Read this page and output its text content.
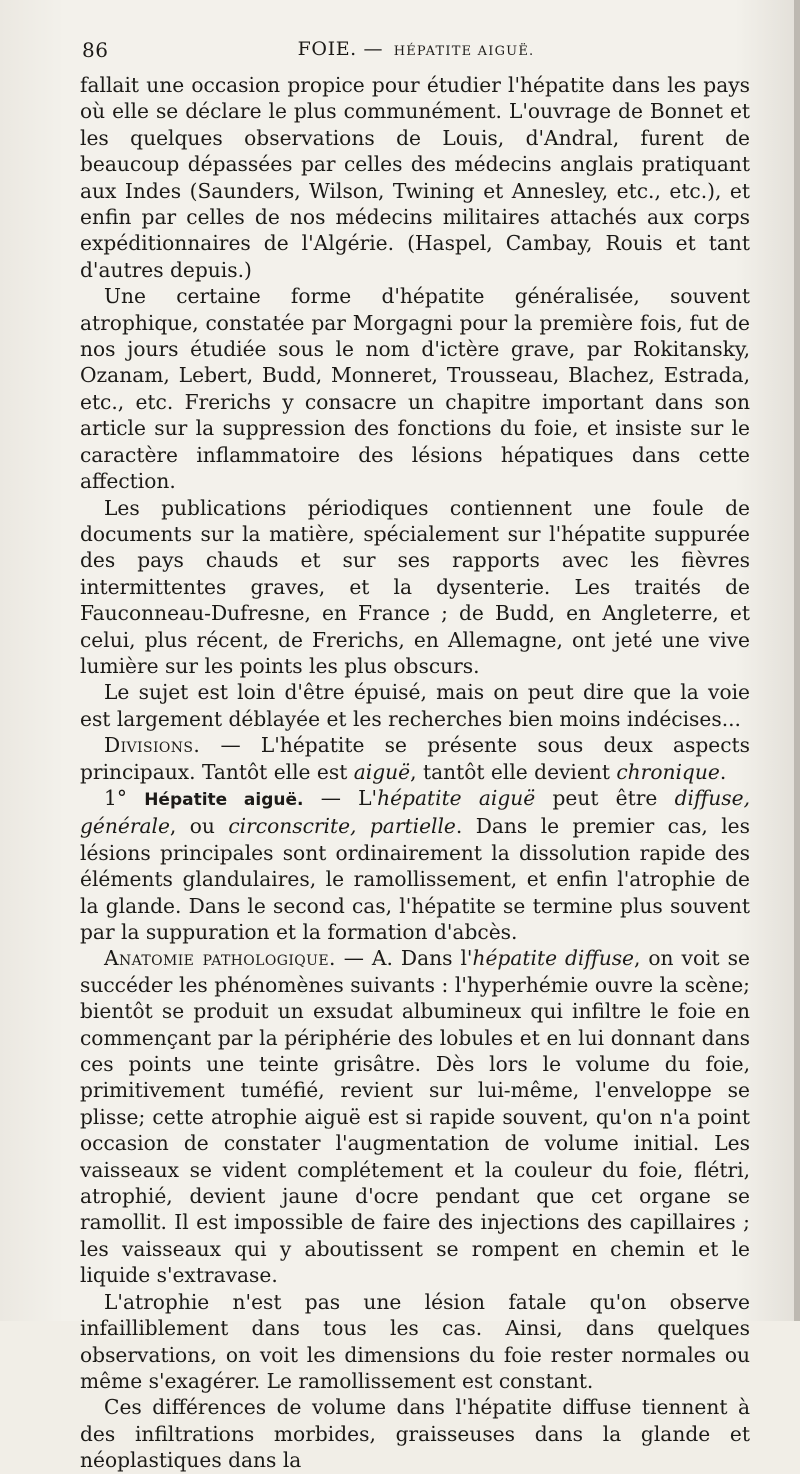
86	FOIE. — HÉPATITE AIGUË.

fallait une occasion propice pour étudier l'hépatite dans les pays où elle se déclare le plus communément. L'ouvrage de Bonnet et les quelques observations de Louis, d'Andral, furent de beaucoup dépassées par celles des médecins anglais pratiquant aux Indes (Saunders, Wilson, Twining et Annesley, etc., etc.), et enfin par celles de nos médecins militaires attachés aux corps expéditionnaires de l'Algérie. (Haspel, Cambay, Rouis et tant d'autres depuis.)

Une certaine forme d'hépatite généralisée, souvent atrophique, constatée par Morgagni pour la première fois, fut de nos jours étudiée sous le nom d'ictère grave, par Rokitansky, Ozanam, Lebert, Budd, Monneret, Trousseau, Blachez, Estrada, etc., etc. Frerichs y consacre un chapitre important dans son article sur la suppression des fonctions du foie, et insiste sur le caractère inflammatoire des lésions hépatiques dans cette affection.

Les publications périodiques contiennent une foule de documents sur la matière, spécialement sur l'hépatite suppurée des pays chauds et sur ses rapports avec les fièvres intermittentes graves, et la dysenterie. Les traités de Fauconneau-Dufresne, en France ; de Budd, en Angleterre, et celui, plus récent, de Frerichs, en Allemagne, ont jeté une vive lumière sur les points les plus obscurs.

Le sujet est loin d'être épuisé, mais on peut dire que la voie est largement déblayée et les recherches bien moins indécises...

Divisions. — L'hépatite se présente sous deux aspects principaux. Tantôt elle est aiguë, tantôt elle devient chronique.

1° Hépatite aiguë. — L'hépatite aiguë peut être diffuse, générale, ou circonscrite, partielle. Dans le premier cas, les lésions principales sont ordinairement la dissolution rapide des éléments glandulaires, le ramollissement, et enfin l'atrophie de la glande. Dans le second cas, l'hépatite se termine plus souvent par la suppuration et la formation d'abcès.

Anatomie pathologique. — A. Dans l'hépatite diffuse, on voit se succéder les phénomènes suivants : l'hyperhémie ouvre la scène; bientôt se produit un exsudat albumineux qui infiltre le foie en commençant par la périphérie des lobules et en lui donnant dans ces points une teinte grisâtre. Dès lors le volume du foie, primitivement tuméfié, revient sur lui-même, l'enveloppe se plisse; cette atrophie aiguë est si rapide souvent, qu'on n'a point occasion de constater l'augmentation de volume initial. Les vaisseaux se vident complétement et la couleur du foie, flétri, atrophié, devient jaune d'ocre pendant que cet organe se ramollit. Il est impossible de faire des injections des capillaires ; les vaisseaux qui y aboutissent se rompent en chemin et le liquide s'extravase.

L'atrophie n'est pas une lésion fatale qu'on observe infailliblement dans tous les cas. Ainsi, dans quelques observations, on voit les dimensions du foie rester normales ou même s'exagérer. Le ramollissement est constant.

Ces différences de volume dans l'hépatite diffuse tiennent à des infiltrations morbides, graisseuses dans la glande et néoplastiques dans la
